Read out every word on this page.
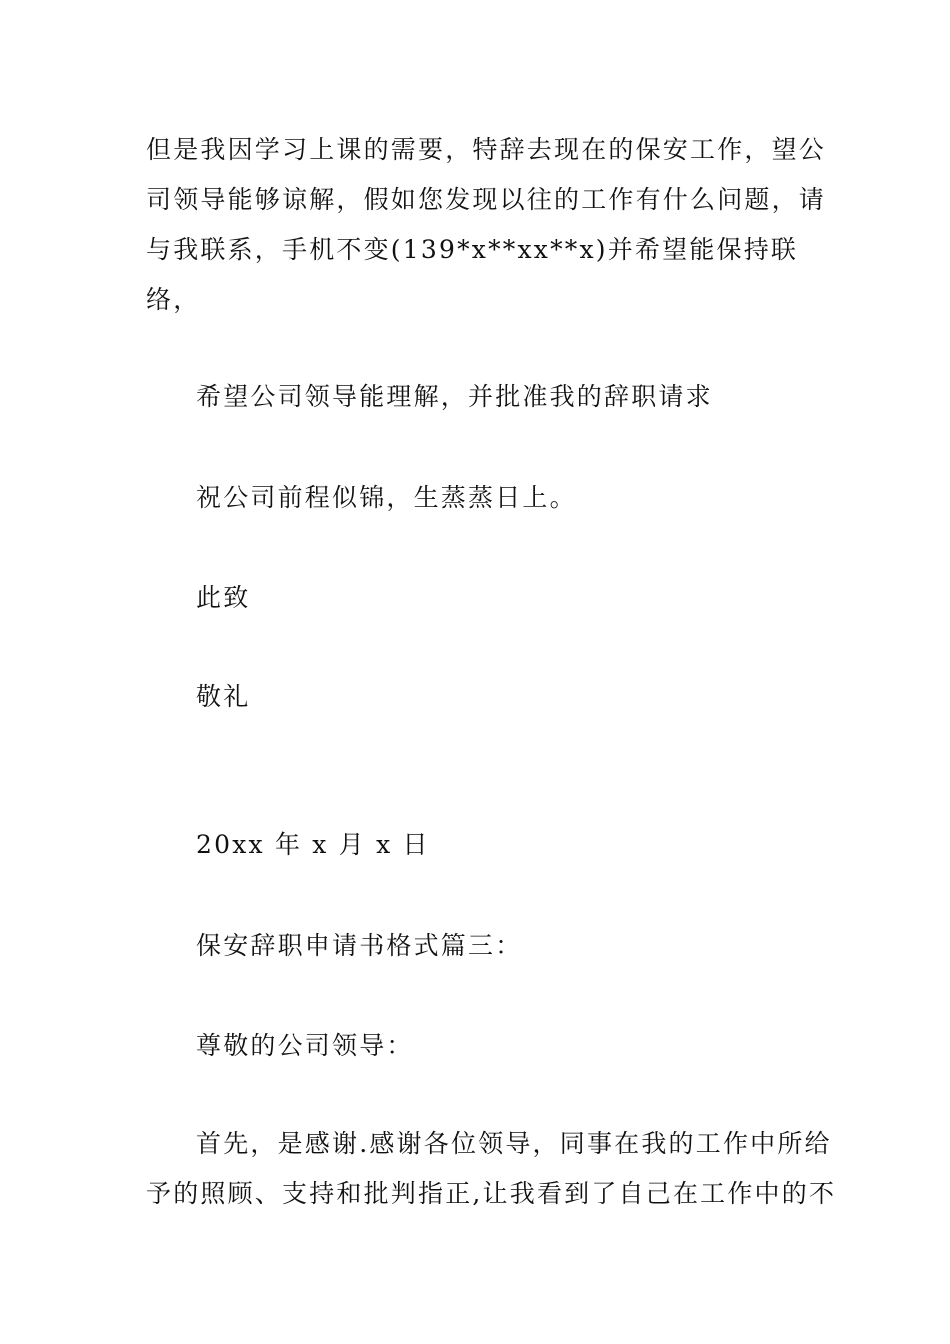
但是我因学习上课的需要，特辞去现在的保安工作，望公
司领导能够谅解，假如您发现以往的工作有什么问题，请
与我联系，手机不变(139*ⅹ**ⅹⅹ**ⅹ)并希望能保持联
络，
希望公司领导能理解，并批准我的辞职请求
祝公司前程似锦，生蒸蒸日上。
此致
敬礼
20xx 年 x 月 x 日
保安辞职申请书格式篇三：
尊敬的公司领导：
首先，是感谢.感谢各位领导，同事在我的工作中所给
予的照顾、支持和批判指正,让我看到了自己在工作中的不
